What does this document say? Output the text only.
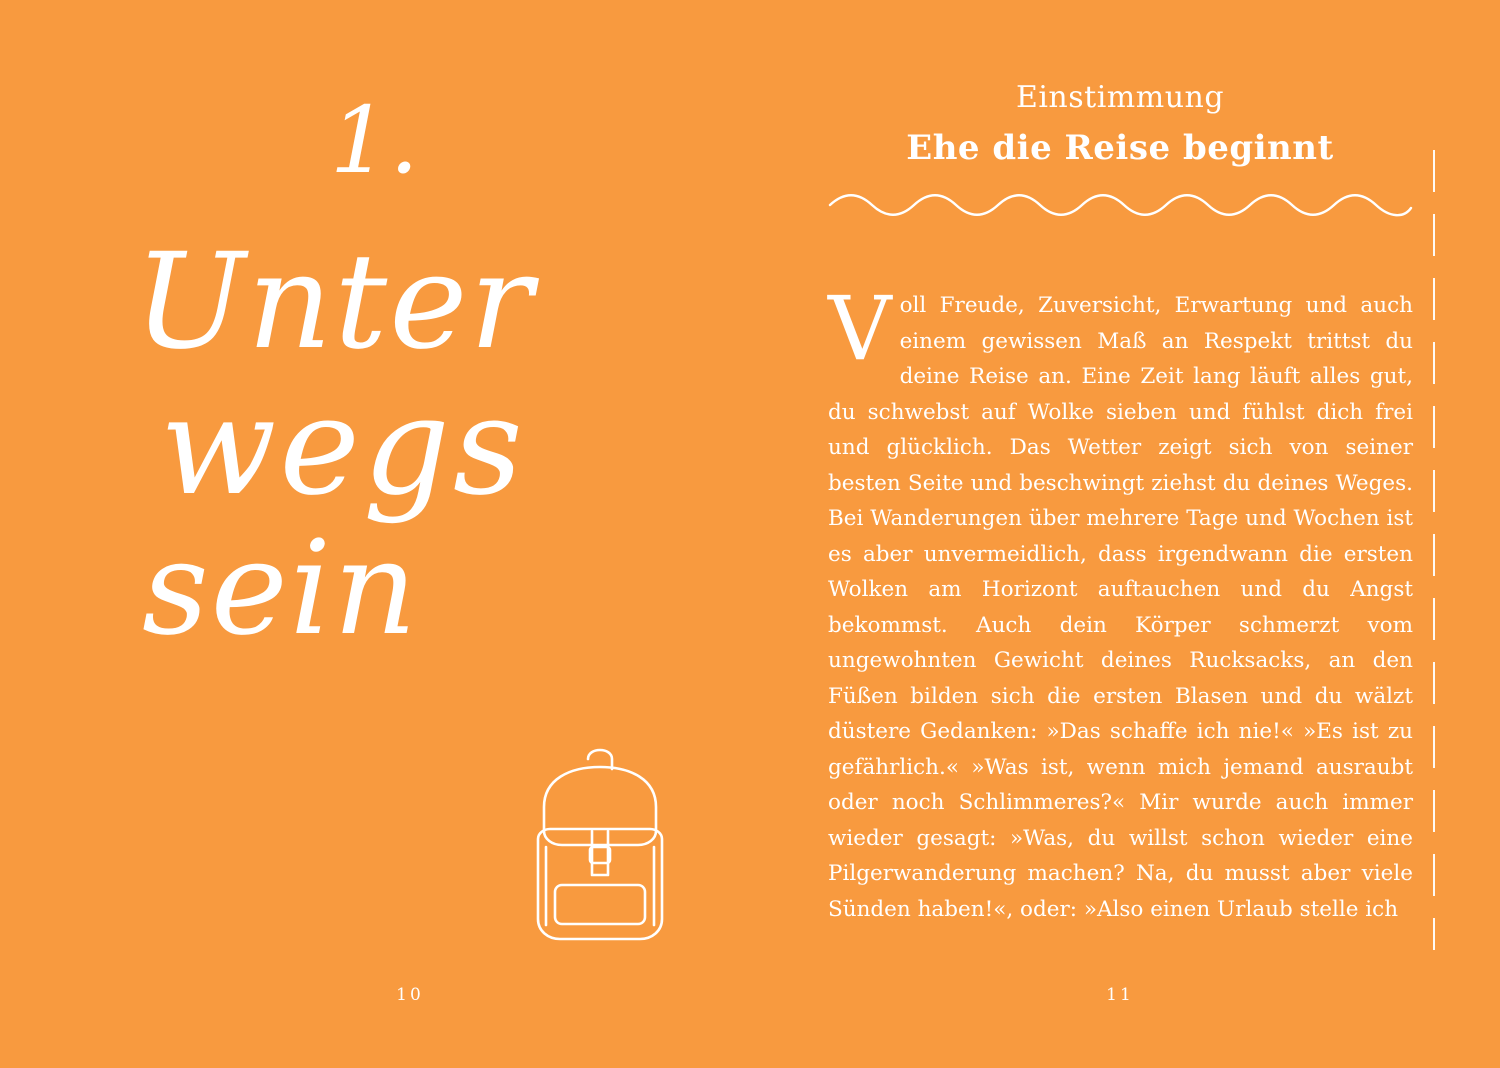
1.
Unter
wegs
sein
10
Einstimmung
Ehe die Reise beginnt
Voll Freude, Zuversicht, Erwartung und auch einem gewissen Maß an Respekt trittst du deine Reise an. Eine Zeit lang läuft alles gut, du schwebst auf Wolke sieben und fühlst dich frei und glücklich. Das Wetter zeigt sich von seiner besten Seite und beschwingt ziehst du deines Weges. Bei Wanderungen über mehrere Tage und Wochen ist es aber unvermeidlich, dass irgendwann die ersten Wolken am Horizont auftauchen und du Angst bekommst. Auch dein Körper schmerzt vom ungewohnten Gewicht deines Rucksacks, an den Füßen bilden sich die ersten Blasen und du wälzt düstere Gedanken: »Das schaffe ich nie!« »Es ist zu gefährlich.« »Was ist, wenn mich jemand ausraubt oder noch Schlimmeres?« Mir wurde auch immer wieder gesagt: »Was, du willst schon wieder eine Pilgerwanderung machen? Na, du musst aber viele Sünden haben!«, oder: »Also einen Urlaub stelle ich
11
